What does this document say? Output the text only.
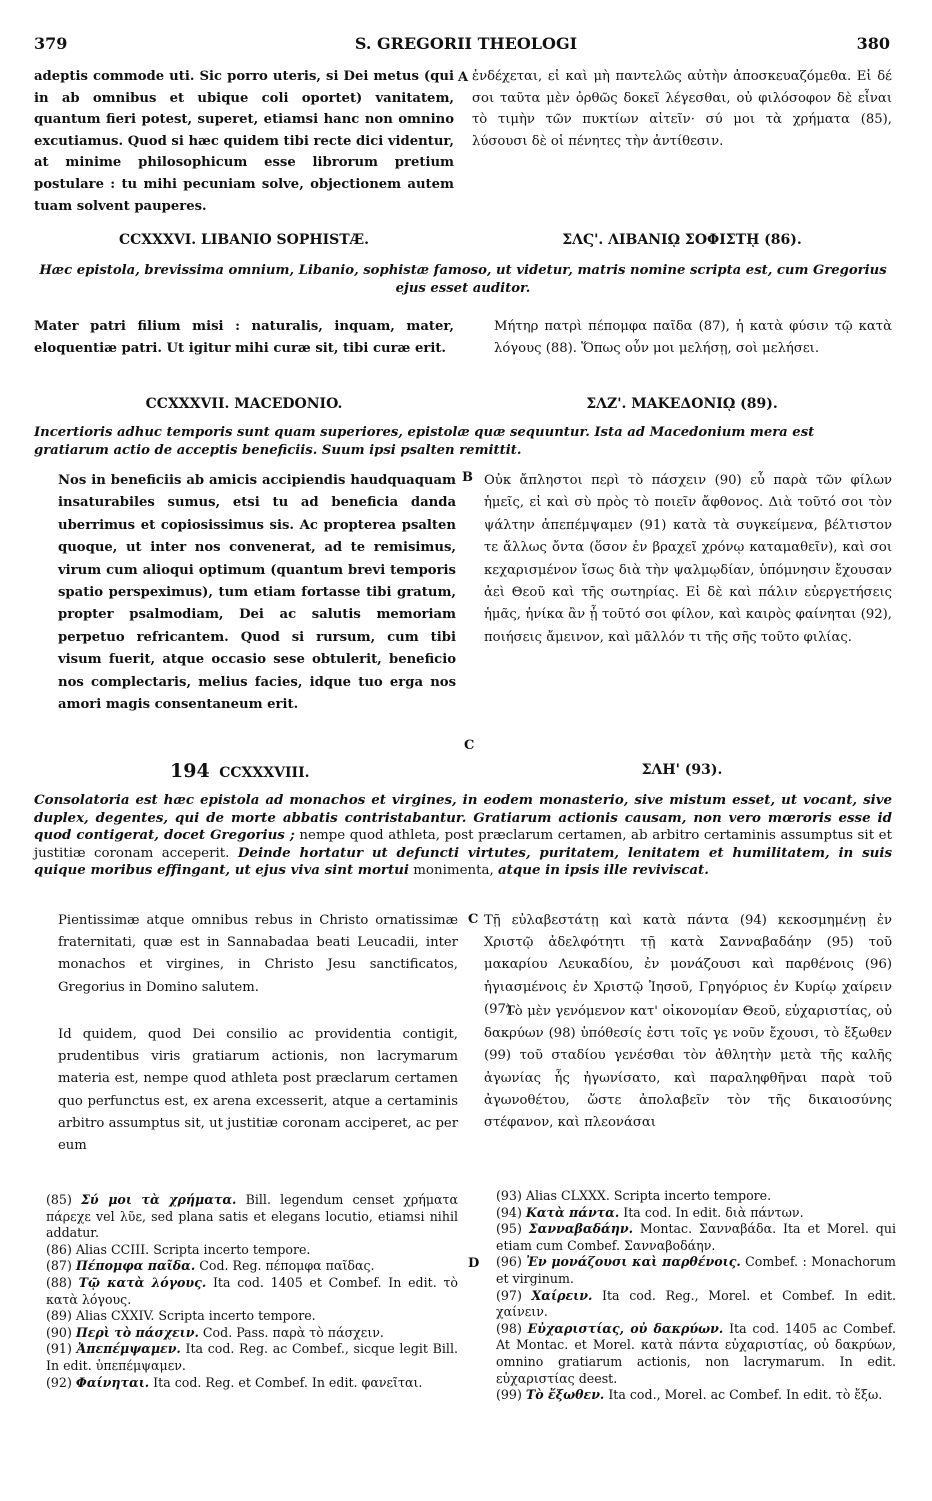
379	S. GREGORII THEOLOGI	380

adeptis commode uti. Sic porro uteris, si Dei metus (qui in ab omnibus et ubique coli oportet) vanitatem, quantum fieri potest, superet, etiamsi hanc non omnino excutiamus. Quod si hæc quidem tibi recte dici videntur, at minime philosophicum esse librorum pretium postulare : tu mihi pecuniam solve, objectionem autem tuam solvent pauperes.

ἐνδέχεται, εἰ καὶ μὴ παντελῶς αὐτὴν ἀποσκευαζόμεθα. Εἰ δέ σοι ταῦτα μὲν ὀρθῶς δοκεῖ λέγεσθαι, οὐ φιλόσοφον δὲ εἶναι τὸ τιμὴν τῶν πυκτίων αἰτεῖν· σύ μοι τὰ χρήματα (85), λύσουσι δὲ οἱ πένητες τὴν ἀντίθεσιν.

CCXXXVI. LIBANIO SOPHISTÆ.	ΣΛϚ'. ΛΙΒΑΝΙῼ ΣΟΦΙΣΤῌ (86).

Hæc epistola, brevissima omnium, Libanio, sophistæ famoso, ut videtur, matris nomine scripta est, cum Gregorius ejus esset auditor.

Mater patri filium misi : naturalis, inquam, mater, eloquentiæ patri. Ut igitur mihi curæ sit, tibi curæ erit.

Μήτηρ πατρὶ πέπομφα παῖδα (87), ἡ κατὰ φύσιν τῷ κατὰ λόγους (88). Ὅπως οὖν μοι μελήσῃ, σοὶ μελήσει.

CCXXXVII. MACEDONIO.	ΣΛΖ'. ΜΑΚΕΔΟΝΙῼ (89).

Incertioris adhuc temporis sunt quam superiores, epistolæ quæ sequuntur. Ista ad Macedonium mera est gratiarum actio de acceptis beneficiis. Suum ipsi psalten remittit.

Nos in beneficiis ab amicis accipiendis haudquaquam insaturabiles sumus, etsi tu ad beneficia danda uberrimus et copiosissimus sis. Ac propterea psalten quoque, ut inter nos convenerat, ad te remisimus, virum cum alioqui optimum (quantum brevi temporis spatio perspeximus), tum etiam fortasse tibi gratum, propter psalmodiam, Dei ac salutis memoriam perpetuo refricantem. Quod si rursum, cum tibi visum fuerit, atque occasio sese obtulerit, beneficio nos complectaris, melius facies, idque tuo erga nos amori magis consentaneum erit.

Οὐκ ἄπληστοι περὶ τὸ πάσχειν (90) εὖ παρὰ τῶν φίλων ἡμεῖς, εἰ καὶ σὺ πρὸς τὸ ποιεῖν ἄφθονος. Διὰ τοῦτό σοι τὸν ψάλτην ἀπεπέμψαμεν (91) κατὰ τὰ συγκείμενα, βέλτιστον τε ἄλλως ὄντα (ὅσον ἐν βραχεῖ χρόνῳ καταμαθεῖν), καὶ σοι κεχαρισμένον ἴσως διὰ τὴν ψαλμῳδίαν, ὑπόμνησιν ἔχουσαν ἀεὶ Θεοῦ καὶ τῆς σωτηρίας. Εἰ δὲ καὶ πάλιν εὐεργετήσεις ἡμᾶς, ἡνίκα ἂν ᾖ τοῦτό σοι φίλον, καὶ καιρὸς φαίνηται (92), ποιήσεις ἄμεινον, καὶ μᾶλλόν τι τῆς σῆς τοῦτο φιλίας.

A
B
C
C
D
194 CCXXXVIII.	ΣΛΗ' (93).

Consolatoria est hæc epistola ad monachos et virgines, in eodem monasterio, sive mistum esset, ut vocant, sive duplex, degentes, qui de morte abbatis contristabantur. Gratiarum actionis causam, non vero mœroris esse id quod contigerat, docet Gregorius ; nempe quod athleta, post præclarum certamen, ab arbitro certaminis assumptus sit et justitiæ coronam acceperit. Deinde hortatur ut defuncti virtutes, puritatem, lenitatem et humilitatem, in suis quique moribus effingant, ut ejus viva sint mortui monimenta, atque in ipsis ille reviviscat.

Pientissimæ atque omnibus rebus in Christo ornatissimæ fraternitati, quæ est in Sannabadaa beati Leucadii, inter monachos et virgines, in Christo Jesu sanctificatos, Gregorius in Domino salutem.

Id quidem, quod Dei consilio ac providentia contigit, prudentibus viris gratiarum actionis, non lacrymarum materia est, nempe quod athleta post præclarum certamen quo perfunctus est, ex arena excesserit, atque a certaminis arbitro assumptus sit, ut justitiæ coronam acciperet, ac per eum

Τῇ εὐλαβεστάτῃ καὶ κατὰ πάντα (94) κεκοσμημένῃ ἐν Χριστῷ ἀδελφότητι τῇ κατὰ Σανναβαδάην (95) τοῦ μακαρίου Λευκαδίου, ἐν μονάζουσι καὶ παρθένοις (96) ἡγιασμένοις ἐν Χριστῷ Ἰησοῦ, Γρηγόριος ἐν Κυρίῳ χαίρειν (97).

Τὸ μὲν γενόμενον κατ' οἰκονομίαν Θεοῦ, εὐχαριστίας, οὐ δακρύων (98) ὑπόθεσίς ἐστι τοῖς γε νοῦν ἔχουσι, τὸ ἔξωθεν (99) τοῦ σταδίου γενέσθαι τὸν ἀθλητὴν μετὰ τῆς καλῆς ἀγωνίας ἧς ἠγωνίσατο, καὶ παραληφθῆναι παρὰ τοῦ ἀγωνοθέτου, ὥστε ἀπολαβεῖν τὸν τῆς δικαιοσύνης στέφανον, καὶ πλεονάσαι

(85) Σύ μοι τὰ χρήματα. Bill. legendum censet χρήματα πάρεχε vel λῦε, sed plana satis et elegans locutio, etiamsi nihil addatur.

(86) Alias CCIII. Scripta incerto tempore.

(87) Πέπομφα παῖδα. Cod. Reg. πέπομφα παῖδας.

(88) Τῷ κατὰ λόγους. Ita cod. 1405 et Combef. In edit. τὸ κατὰ λόγους.

(89) Alias CXXIV. Scripta incerto tempore.

(90) Περὶ τὸ πάσχειν. Cod. Pass. παρὰ τὸ πάσχειν.

(91) Ἀπεπέμψαμεν. Ita cod. Reg. ac Combef., sicque legit Bill. In edit. ὑπεπέμψαμεν.

(92) Φαίνηται. Ita cod. Reg. et Combef. In edit. φανεῖται.

(93) Alias CLXXX. Scripta incerto tempore.

(94) Κατὰ πάντα. Ita cod. In edit. διὰ πάντων.

(95) Σανναβαδάην. Montac. Σανναβάδα. Ita et Morel. qui etiam cum Combef. Σανναβοδάην.

(96) Ἐν μονάζουσι καὶ παρθένοις. Combef. : Monachorum et virginum.

(97) Χαίρειν. Ita cod. Reg., Morel. et Combef. In edit. χαίνειν.

(98) Εὐχαριστίας, οὐ δακρύων. Ita cod. 1405 ac Combef. At Montac. et Morel. κατὰ πάντα εὐχαριστίας, οὐ δακρύων, omnino gratiarum actionis, non lacrymarum. In edit. εὐχαριστίας deest.

(99) Τὸ ἔξωθεν. Ita cod., Morel. ac Combef. In edit. τὸ ἔξω.
